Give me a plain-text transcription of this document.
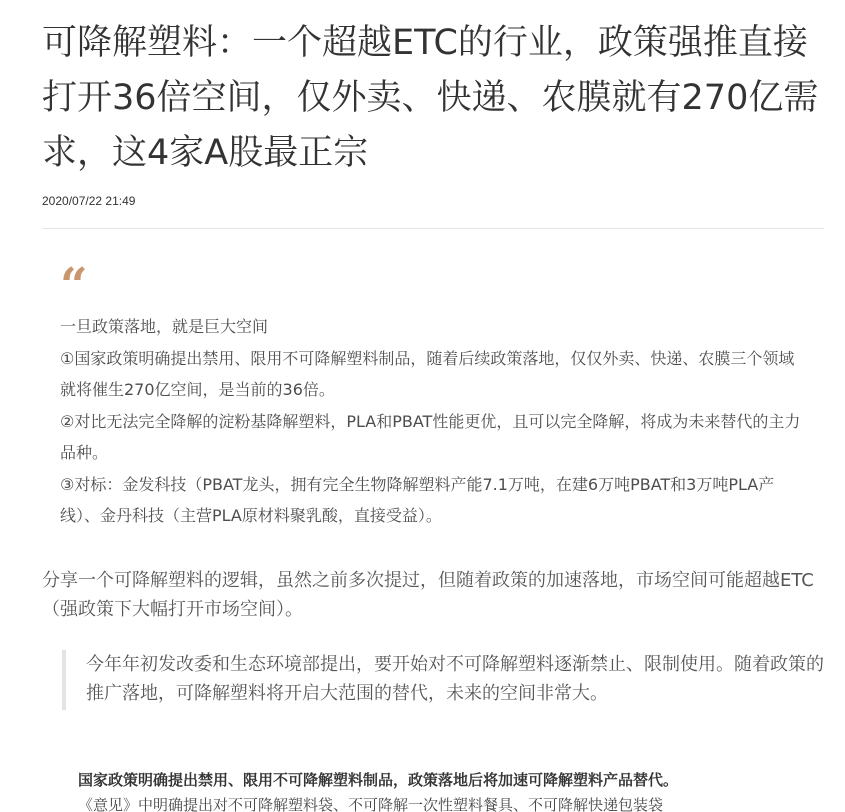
可降解塑料：一个超越ETC的行业，政策强推直接打开36倍空间，仅外卖、快递、农膜就有270亿需求，这4家A股最正宗
2020/07/22 21:49
“

一旦政策落地，就是巨大空间

①国家政策明确提出禁用、限用不可降解塑料制品，随着后续政策落地，仅仅外卖、快递、农膜三个领域就将催生270亿空间，是当前的36倍。

②对比无法完全降解的淀粉基降解塑料，PLA和PBAT性能更优，且可以完全降解，将成为未来替代的主力品种。

③对标：金发科技（PBAT龙头，拥有完全生物降解塑料产能7.1万吨，在建6万吨PBAT和3万吨PLA产线）、金丹科技（主营PLA原材料聚乳酸，直接受益）。

分享一个可降解塑料的逻辑，虽然之前多次提过，但随着政策的加速落地，市场空间可能超越ETC（强政策下大幅打开市场空间）。
今年年初发改委和生态环境部提出，要开始对不可降解塑料逐渐禁止、限制使用。随着政策的推广落地，可降解塑料将开启大范围的替代，未来的空间非常大。
国家政策明确提出禁用、限用不可降解塑料制品，政策落地后将加速可降解塑料产品替代。
《意见》中明确提出对不可降解塑料袋、不可降解一次性塑料餐具、不可降解快递包装袋
